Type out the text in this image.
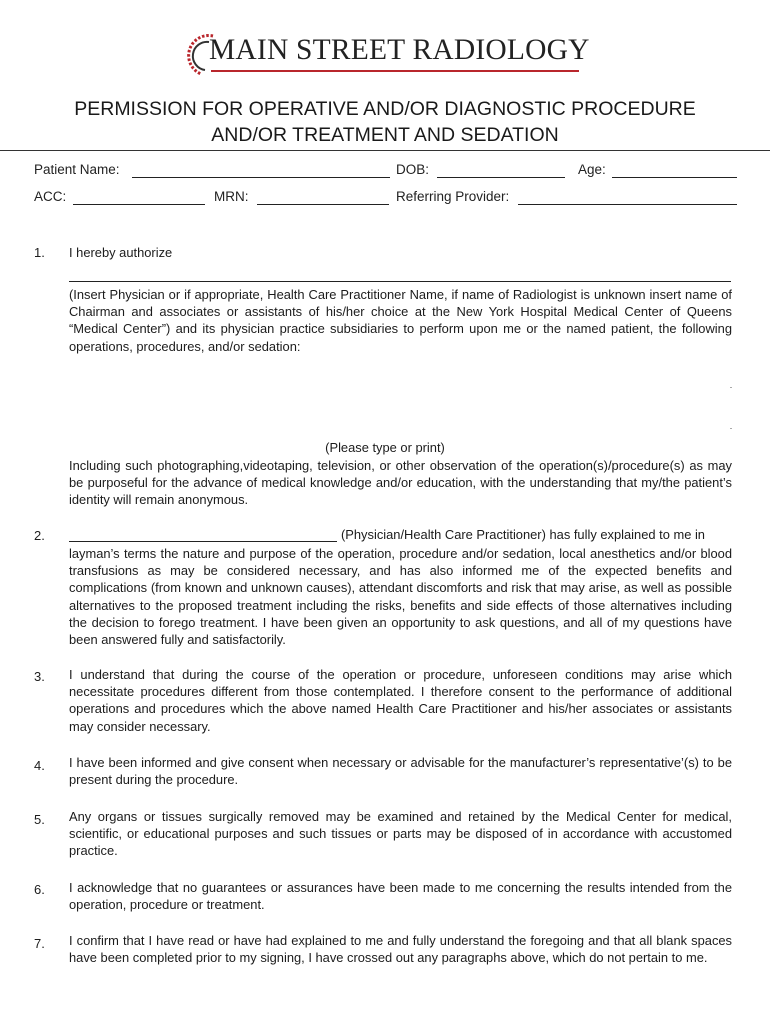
MAIN STREET RADIOLOGY
PERMISSION FOR OPERATIVE AND/OR DIAGNOSTIC PROCEDURE
AND/OR TREATMENT AND SEDATION
Patient Name:	DOB:	Age:
ACC:	MRN:	Referring Provider:
1. I hereby authorize
(Insert Physician or if appropriate, Health Care Practitioner Name, if name of Radiologist is unknown insert name of Chairman and associates or assistants of his/her choice at the New York Hospital Medical Center of Queens “Medical Center”) and its physician practice subsidiaries to perform upon me or the named patient, the following operations, procedures, and/or sedation:
(Please type or print)
Including such photographing,videotaping, television, or other observation of the operation(s)/procedure(s) as may be purposeful for the advance of medical knowledge and/or education, with the understanding that my/the patient’s identity will remain anonymous.
2.	(Physician/Health Care Practitioner) has fully explained to me in
layman’s terms the nature and purpose of the operation, procedure and/or sedation, local anesthetics and/or blood transfusions as may be considered necessary, and has also informed me of the expected benefits and complications (from known and unknown causes), attendant discomforts and risk that may arise, as well as possible alternatives to the proposed treatment including the risks, benefits and side effects of those alternatives including the decision to forego treatment. I have been given an opportunity to ask questions, and all of my questions have been answered fully and satisfactorily.
3. I understand that during the course of the operation or procedure, unforeseen conditions may arise which necessitate procedures different from those contemplated. I therefore consent to the performance of additional operations and procedures which the above named Health Care Practitioner and his/her associates or assistants may consider necessary.
4. I have been informed and give consent when necessary or advisable for the manufacturer’s representative’(s) to be present during the procedure.
5. Any organs or tissues surgically removed may be examined and retained by the Medical Center for medical, scientific, or educational purposes and such tissues or parts may be disposed of in accordance with accustomed practice.
6. I acknowledge that no guarantees or assurances have been made to me concerning the results intended from the operation, procedure or treatment.
7. I confirm that I have read or have had explained to me and fully understand the foregoing and that all blank spaces have been completed prior to my signing, I have crossed out any paragraphs above, which do not pertain to me.
